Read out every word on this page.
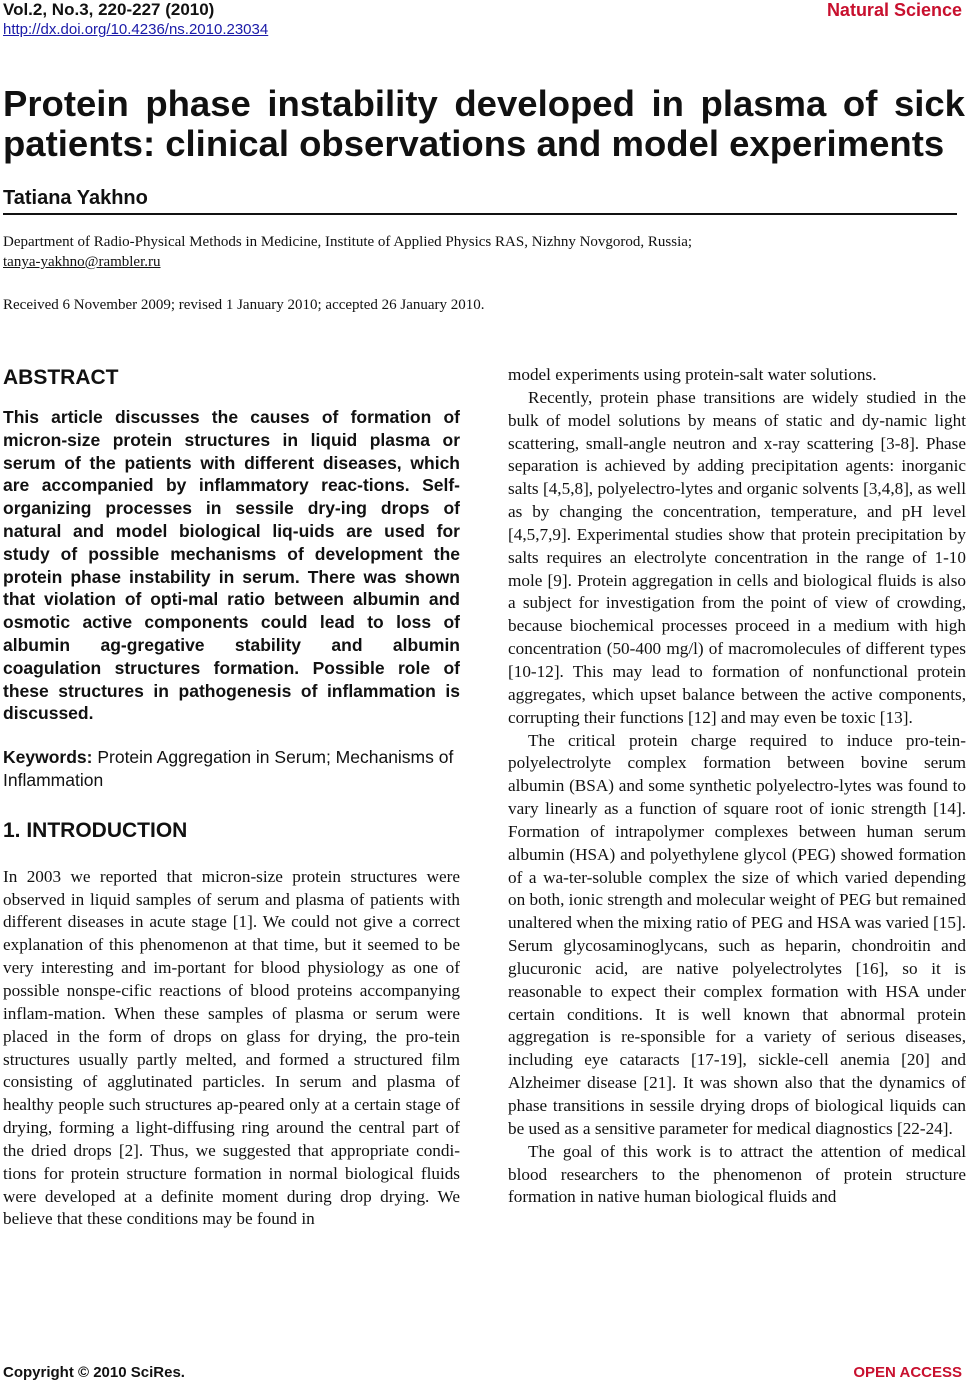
Vol.2, No.3, 220-227 (2010)
http://dx.doi.org/10.4236/ns.2010.23034
Natural Science
Protein phase instability developed in plasma of sick patients: clinical observations and model experiments
Tatiana Yakhno
Department of Radio-Physical Methods in Medicine, Institute of Applied Physics RAS, Nizhny Novgorod, Russia;
tanya-yakhno@rambler.ru
Received 6 November 2009; revised 1 January 2010; accepted 26 January 2010.
ABSTRACT

This article discusses the causes of formation of micron-size protein structures in liquid plasma or serum of the patients with different diseases, which are accompanied by inflammatory reac-tions. Self-organizing processes in sessile dry-ing drops of natural and model biological liq-uids are used for study of possible mechanisms of development the protein phase instability in serum. There was shown that violation of opti-mal ratio between albumin and osmotic active components could lead to loss of albumin ag-gregative stability and albumin coagulation structures formation. Possible role of these structures in pathogenesis of inflammation is discussed.

Keywords: Protein Aggregation in Serum; Mechanisms of Inflammation

1. INTRODUCTION

In 2003 we reported that micron-size protein structures were observed in liquid samples of serum and plasma of patients with different diseases in acute stage [1]. We could not give a correct explanation of this phenomenon at that time, but it seemed to be very interesting and im-portant for blood physiology as one of possible nonspe-cific reactions of blood proteins accompanying inflam-mation. When these samples of plasma or serum were placed in the form of drops on glass for drying, the pro-tein structures usually partly melted, and formed a structured film consisting of agglutinated particles. In serum and plasma of healthy people such structures ap-peared only at a certain stage of drying, forming a light-diffusing ring around the central part of the dried drops [2]. Thus, we suggested that appropriate condi-tions for protein structure formation in normal biological fluids were developed at a definite moment during drop drying. We believe that these conditions may be found in

model experiments using protein-salt water solutions.

Recently, protein phase transitions are widely studied in the bulk of model solutions by means of static and dy-namic light scattering, small-angle neutron and x-ray scattering [3-8]. Phase separation is achieved by adding precipitation agents: inorganic salts [4,5,8], polyelectro-lytes and organic solvents [3,4,8], as well as by changing the concentration, temperature, and pH level [4,5,7,9]. Experimental studies show that protein precipitation by salts requires an electrolyte concentration in the range of 1-10 mole [9]. Protein aggregation in cells and biological fluids is also a subject for investigation from the point of view of crowding, because biochemical processes proceed in a medium with high concentration (50-400 mg/l) of macromolecules of different types [10-12]. This may lead to formation of nonfunctional protein aggregates, which upset balance between the active components, corrupting their functions [12] and may even be toxic [13].

The critical protein charge required to induce pro-tein-polyelectrolyte complex formation between bovine serum albumin (BSA) and some synthetic polyelectro-lytes was found to vary linearly as a function of square root of ionic strength [14]. Formation of intrapolymer complexes between human serum albumin (HSA) and polyethylene glycol (PEG) showed formation of a wa-ter-soluble complex the size of which varied depending on both, ionic strength and molecular weight of PEG but remained unaltered when the mixing ratio of PEG and HSA was varied [15]. Serum glycosaminoglycans, such as heparin, chondroitin and glucuronic acid, are native polyelectrolytes [16], so it is reasonable to expect their complex formation with HSA under certain conditions. It is well known that abnormal protein aggregation is re-sponsible for a variety of serious diseases, including eye cataracts [17-19], sickle-cell anemia [20] and Alzheimer disease [21]. It was shown also that the dynamics of phase transitions in sessile drying drops of biological liquids can be used as a sensitive parameter for medical diagnostics [22-24].

The goal of this work is to attract the attention of medical blood researchers to the phenomenon of protein structure formation in native human biological fluids and

Copyright © 2010 SciRes.	OPEN ACCESS
